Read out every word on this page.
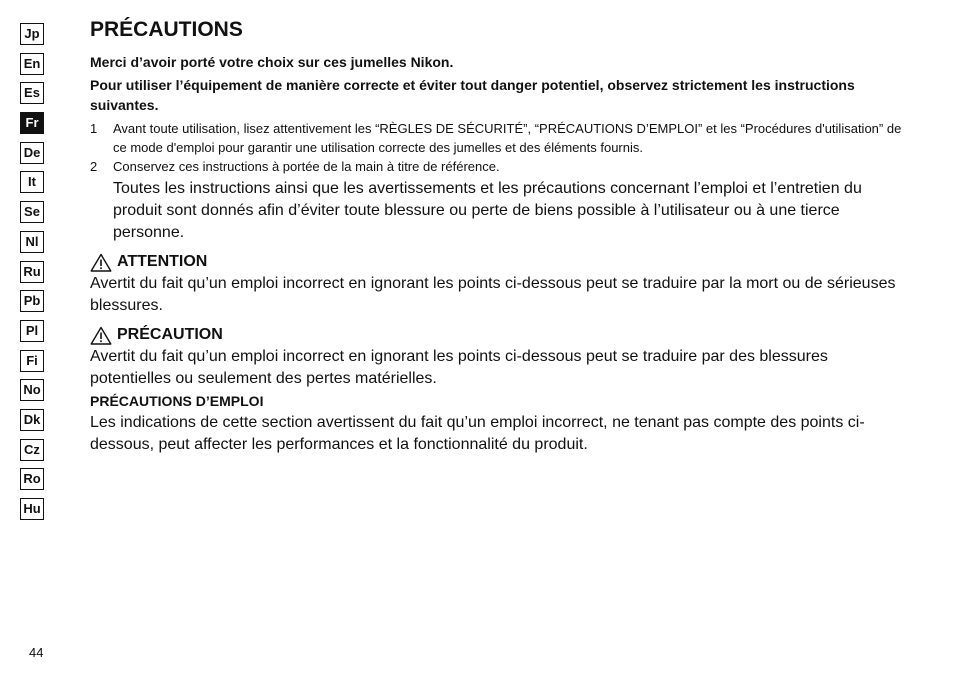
Jp
En
Es
Fr
De
It
Se
Nl
Ru
Pb
Pl
Fi
No
Dk
Cz
Ro
Hu
PRÉCAUTIONS

Merci d’avoir porté votre choix sur ces jumelles Nikon.

Pour utiliser l’équipement de manière correcte et éviter tout danger potentiel, observez strictement les instructions suivantes.

1 Avant toute utilisation, lisez attentivement les “RÈGLES DE SÉCURITÉ”, “PRÉCAUTIONS D’EMPLOI” et les “Procédures d'utilisation” de ce mode d'emploi pour garantir une utilisation correcte des jumelles et des éléments fournis.

2 Conservez ces instructions à portée de la main à titre de référence.

Toutes les instructions ainsi que les avertissements et les précautions concernant l’emploi et l’entretien du produit sont donnés afin d’éviter toute blessure ou perte de biens possible à l’utilisateur ou à une tierce personne.

ATTENTION

Avertit du fait qu’un emploi incorrect en ignorant les points ci-dessous peut se traduire par la mort ou de sérieuses blessures.

PRÉCAUTION

Avertit du fait qu’un emploi incorrect en ignorant les points ci-dessous peut se traduire par des blessures potentielles ou seulement des pertes matérielles.

PRÉCAUTIONS D’EMPLOI

Les indications de cette section avertissent du fait qu’un emploi incorrect, ne tenant pas compte des points ci-dessous, peut affecter les performances et la fonctionnalité du produit.

44
